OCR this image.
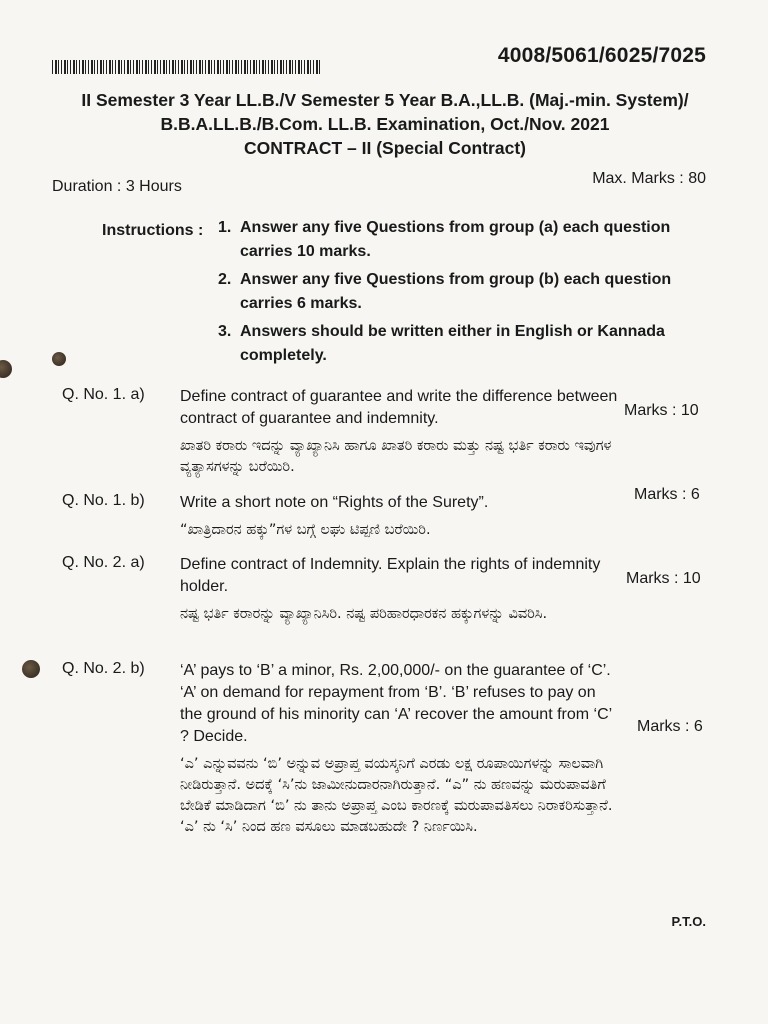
4008/5061/6025/7025
II Semester 3 Year LL.B./V Semester 5 Year B.A.,LL.B. (Maj.-min. System)/
B.B.A.LL.B./B.Com. LL.B. Examination, Oct./Nov. 2021
CONTRACT – II (Special Contract)
Duration : 3 Hours	Max. Marks : 80
Instructions : 1. Answer any five Questions from group (a) each question carries 10 marks.
2. Answer any five Questions from group (b) each question carries 6 marks.
3. Answers should be written either in English or Kannada completely.
Q. No. 1. a)	Define contract of guarantee and write the difference between contract of guarantee and indemnity.

ಖಾತರಿ ಕರಾರು ಇದನ್ನು ವ್ಯಾಖ್ಯಾನಿಸಿ ಹಾಗೂ ಖಾತರಿ ಕರಾರು ಮತ್ತು ನಷ್ಟ ಭರ್ತಿ ಕರಾರು ಇವುಗಳ ವ್ಯತ್ಯಾಸಗಳನ್ನು ಬರೆಯಿರಿ.

Marks : 10
Q. No. 1. b)	Write a short note on “Rights of the Surety”.

“ಖಾತ್ರಿದಾರನ ಹಕ್ಕು”ಗಳ ಬಗ್ಗೆ ಲಘು ಟಿಪ್ಪಣಿ ಬರೆಯಿರಿ.

Marks : 6
Q. No. 2. a)	Define contract of Indemnity. Explain the rights of indemnity holder.

ನಷ್ಟ ಭರ್ತಿ ಕರಾರನ್ನು ವ್ಯಾಖ್ಯಾನಿಸಿರಿ. ನಷ್ಟ ಪರಿಹಾರಧಾರಕನ ಹಕ್ಕುಗಳನ್ನು ವಿವರಿಸಿ.

Marks : 10
Q. No. 2. b)	‘A’ pays to ‘B’ a minor, Rs. 2,00,000/- on the guarantee of ‘C’. ‘A’ on demand for repayment from ‘B’. ‘B’ refuses to pay on the ground of his minority can ‘A’ recover the amount from ‘C’ ? Decide.

‘ಎ’ ಎನ್ನುವವನು ‘ಬಿ’ ಅನ್ನುವ ಅಪ್ರಾಪ್ತ ವಯಸ್ಕನಿಗೆ ಎರಡು ಲಕ್ಷ ರೂಪಾಯಿಗಳನ್ನು ಸಾಲವಾಗಿ ನೀಡಿರುತ್ತಾನೆ. ಅದಕ್ಕೆ ‘ಸಿ’ನು ಜಾಮೀನುದಾರನಾಗಿರುತ್ತಾನೆ. “ಎ” ನು ಹಣವನ್ನು ಮರುಪಾವತಿಗೆ ಬೇಡಿಕೆ ಮಾಡಿದಾಗ ‘ಬಿ’ ನು ತಾನು ಅಪ್ರಾಪ್ತ ಎಂಬ ಕಾರಣಕ್ಕೆ ಮರುಪಾವತಿಸಲು ನಿರಾಕರಿಸುತ್ತಾನೆ. ‘ಎ’ ನು ‘ಸಿ’ ನಿಂದ ಹಣ ವಸೂಲು ಮಾಡಬಹುದೇ ? ನಿರ್ಣಯಿಸಿ.

Marks : 6
P.T.O.
